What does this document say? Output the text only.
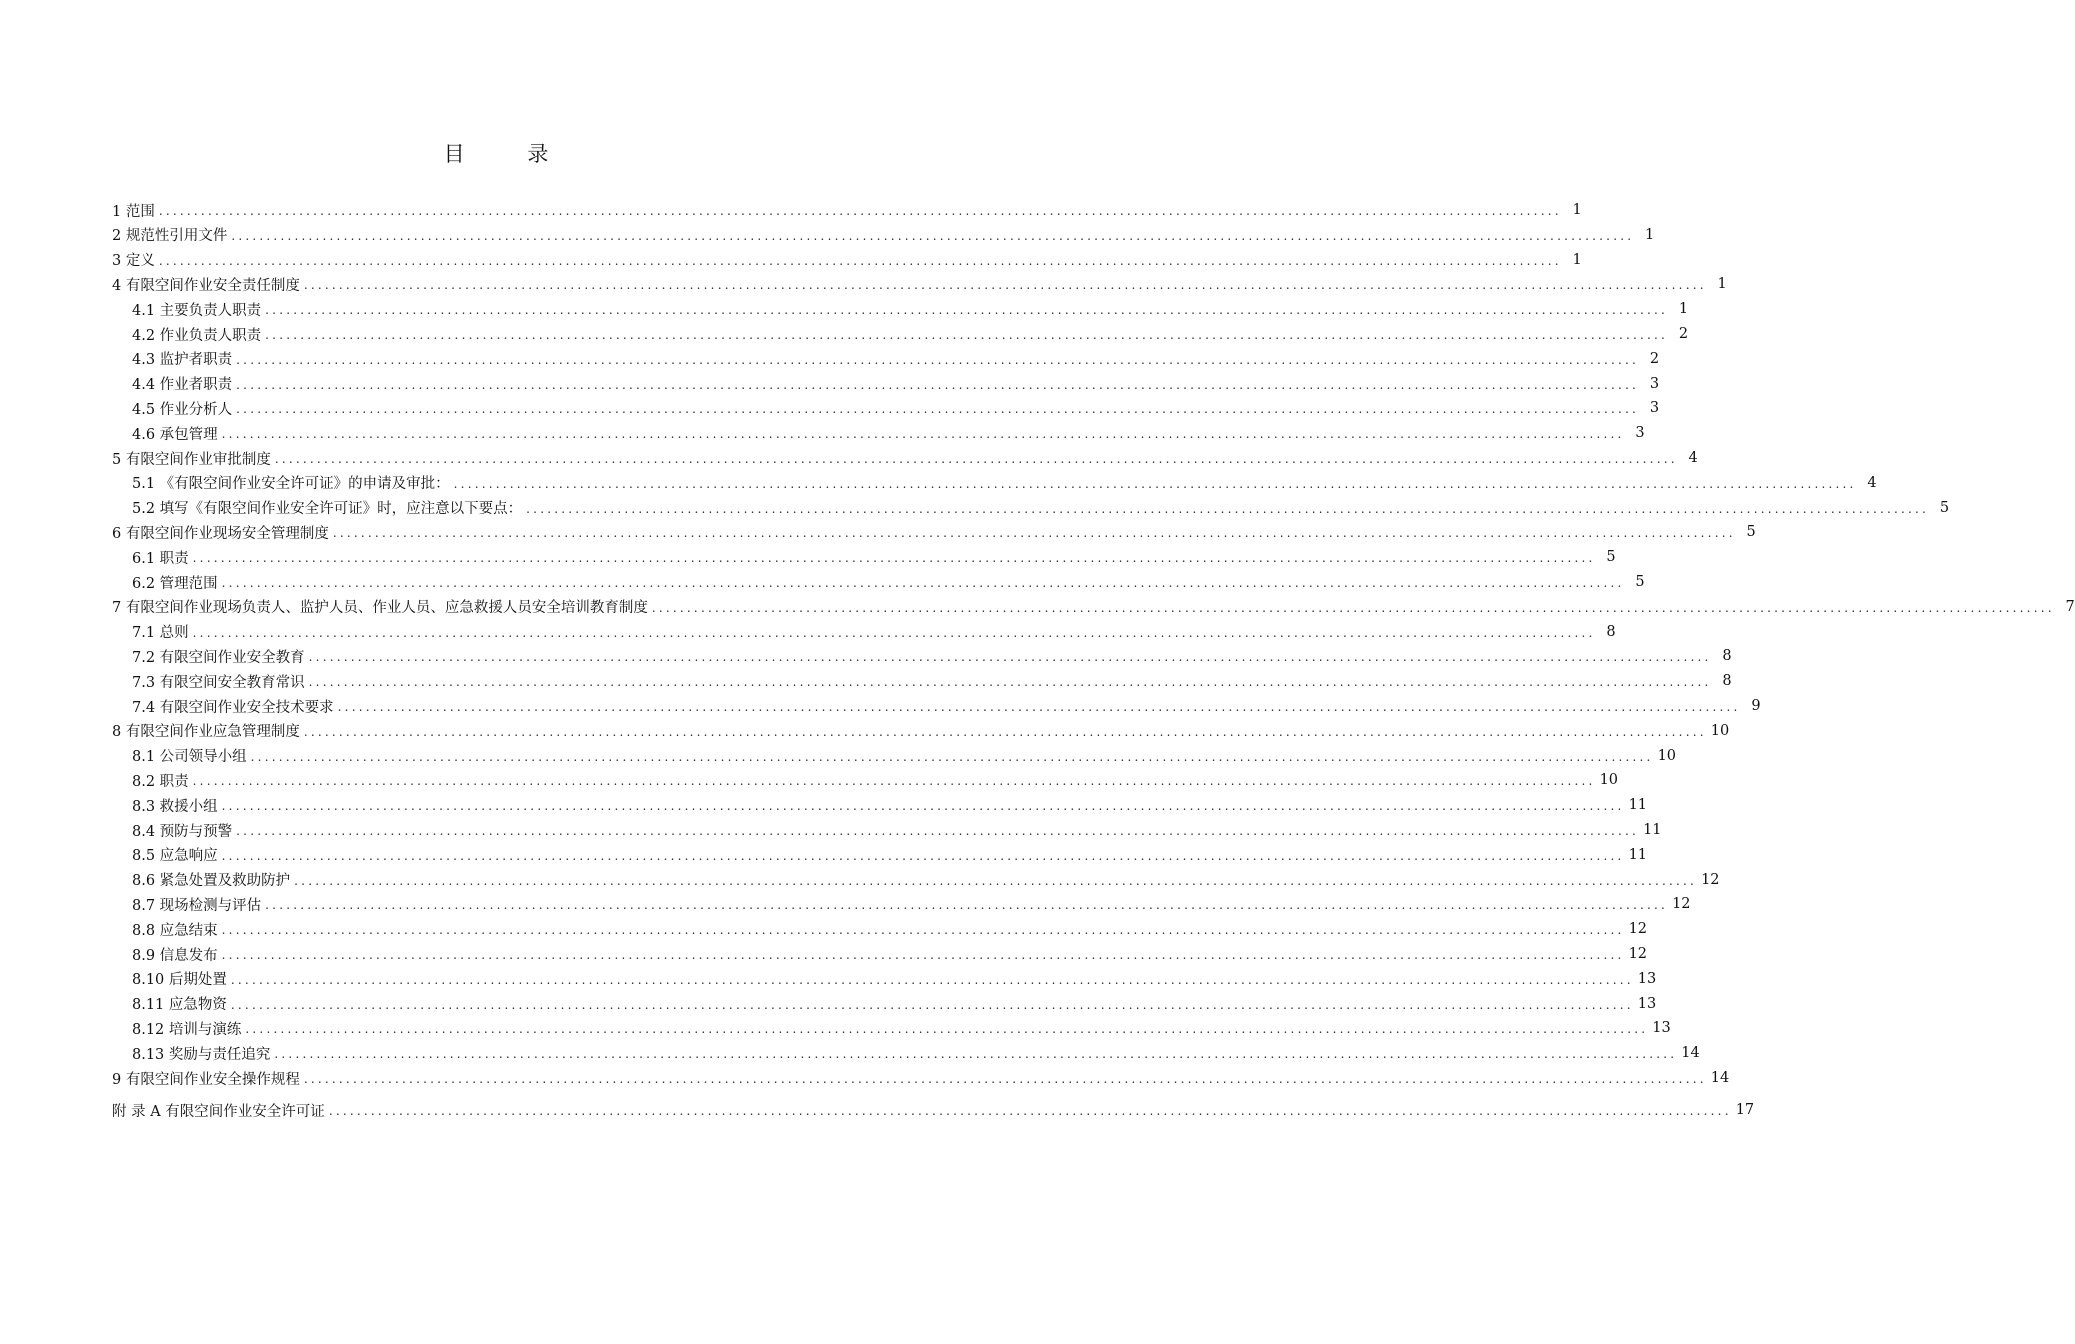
目 录
1 范围 ........................................................................................................................................................................................................ 1
2 规范性引用文件 ........................................................................................................................................................................................................ 1
3 定义 ........................................................................................................................................................................................................ 1
4 有限空间作业安全责任制度 ........................................................................................................................................................................................................ 1
4.1 主要负责人职责 ........................................................................................................................................................................................................ 1
4.2 作业负责人职责 ........................................................................................................................................................................................................ 2
4.3 监护者职责 ........................................................................................................................................................................................................ 2
4.4 作业者职责 ........................................................................................................................................................................................................ 3
4.5 作业分析人 ........................................................................................................................................................................................................ 3
4.6 承包管理 ........................................................................................................................................................................................................ 3
5 有限空间作业审批制度 ........................................................................................................................................................................................................ 4
5.1 《有限空间作业安全许可证》的申请及审批： ........................................................................................................................................................................................................ 4
5.2 填写《有限空间作业安全许可证》时，应注意以下要点： ........................................................................................................................................................................................................ 5
6 有限空间作业现场安全管理制度 ........................................................................................................................................................................................................ 5
6.1 职责 ........................................................................................................................................................................................................ 5
6.2 管理范围 ........................................................................................................................................................................................................ 5
7 有限空间作业现场负责人、监护人员、作业人员、应急救援人员安全培训教育制度 ........................................................................................................................................................................................................ 7
7.1 总则 ........................................................................................................................................................................................................ 8
7.2 有限空间作业安全教育 ........................................................................................................................................................................................................ 8
7.3 有限空间安全教育常识 ........................................................................................................................................................................................................ 8
7.4 有限空间作业安全技术要求 ........................................................................................................................................................................................................ 9
8 有限空间作业应急管理制度 ........................................................................................................................................................................................................ 10
8.1 公司领导小组 ........................................................................................................................................................................................................ 10
8.2 职责 ........................................................................................................................................................................................................ 10
8.3 救援小组 ........................................................................................................................................................................................................ 11
8.4 预防与预警 ........................................................................................................................................................................................................ 11
8.5 应急响应 ........................................................................................................................................................................................................ 11
8.6 紧急处置及救助防护 ........................................................................................................................................................................................................ 12
8.7 现场检测与评估 ........................................................................................................................................................................................................ 12
8.8 应急结束 ........................................................................................................................................................................................................ 12
8.9 信息发布 ........................................................................................................................................................................................................ 12
8.10 后期处置 ........................................................................................................................................................................................................ 13
8.11 应急物资 ........................................................................................................................................................................................................ 13
8.12 培训与演练 ........................................................................................................................................................................................................ 13
8.13 奖励与责任追究 ........................................................................................................................................................................................................ 14
9 有限空间作业安全操作规程 ........................................................................................................................................................................................................ 14
附 录 A 有限空间作业安全许可证 ........................................................................................................................................................................................................ 17
